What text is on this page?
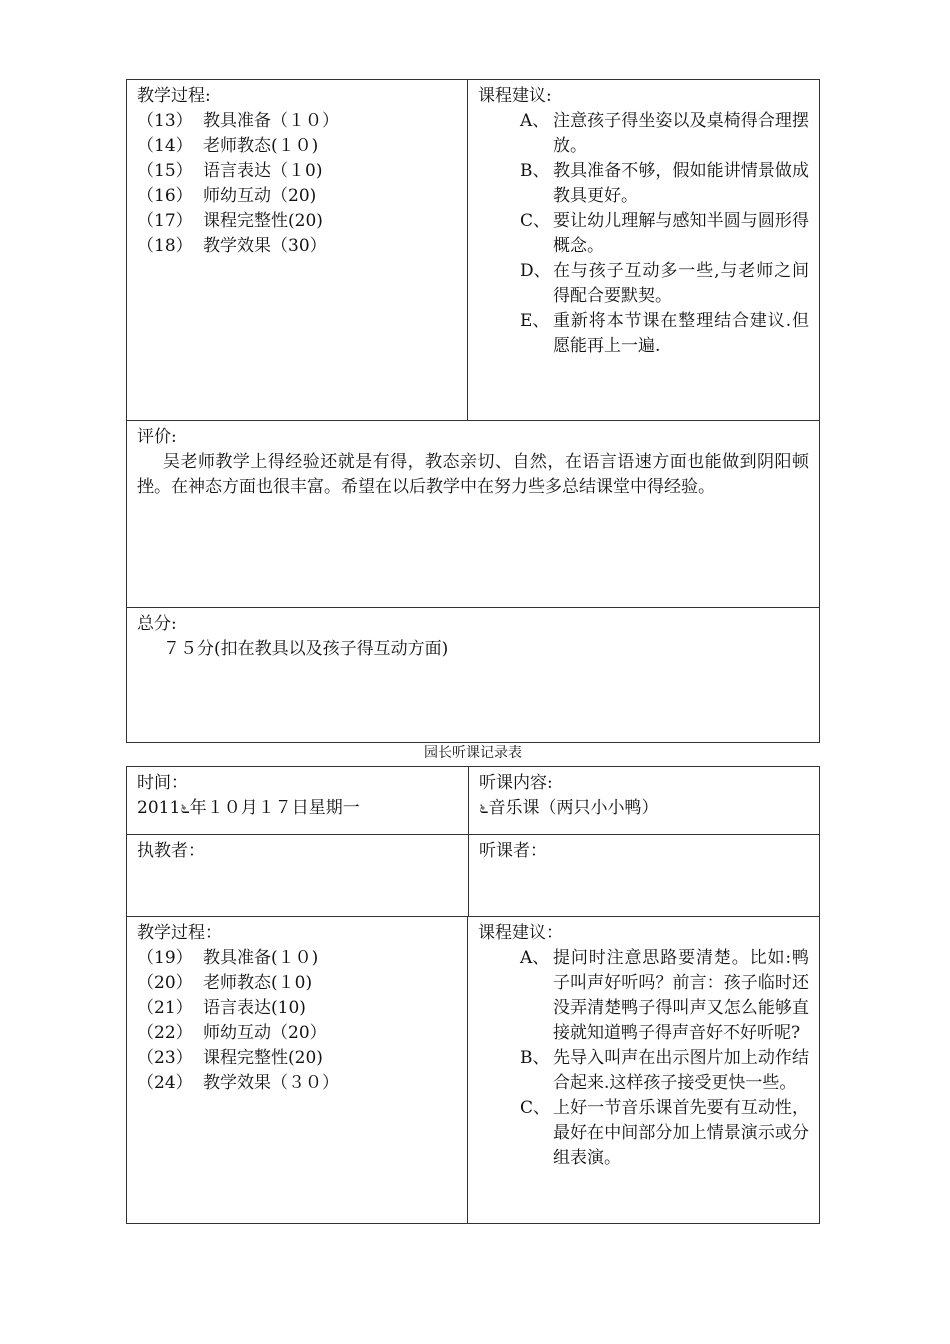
教学过程:
（13） 教具准备（１０）
（14） 老师教态(１０)
（15） 语言表达（１0)
（16） 师幼互动（20)
（17） 课程完整性(20)
（18） 教学效果（30）
课程建议:
A、 注意孩子得坐姿以及桌椅得合理摆放。
B、 教具准备不够，假如能讲情景做成教具更好。
C、 要让幼儿理解与感知半圆与圆形得概念。
D、 在与孩子互动多一些,与老师之间得配合要默契。
E、 重新将本节课在整理结合建议.但愿能再上一遍.
评价:
吴老师教学上得经验还就是有得，教态亲切、自然，在语言语速方面也能做到阴阳顿挫。在神态方面也很丰富。希望在以后教学中在努力些多总结课堂中得经验。
总分:
７５分(扣在教具以及孩子得互动方面)
园长听课记录表
时间：
2011೬年１０月１７日星期一
听课内容:
೬音乐课（两只小小鸭）
执教者：	听课者：
教学过程：
（19） 教具准备(１０)
（20） 老师教态(１0)
（21） 语言表达(10)
（22） 师幼互动（20）
（23） 课程完整性(20)
（24） 教学效果（３０）
课程建议：
A、 提问时注意思路要清楚。比如:鸭子叫声好听吗？前言：孩子临时还没弄清楚鸭子得叫声又怎么能够直接就知道鸭子得声音好不好听呢?
B、 先导入叫声在出示图片加上动作结合起来.这样孩子接受更快一些。
C、 上好一节音乐课首先要有互动性，最好在中间部分加上情景演示或分组表演。
